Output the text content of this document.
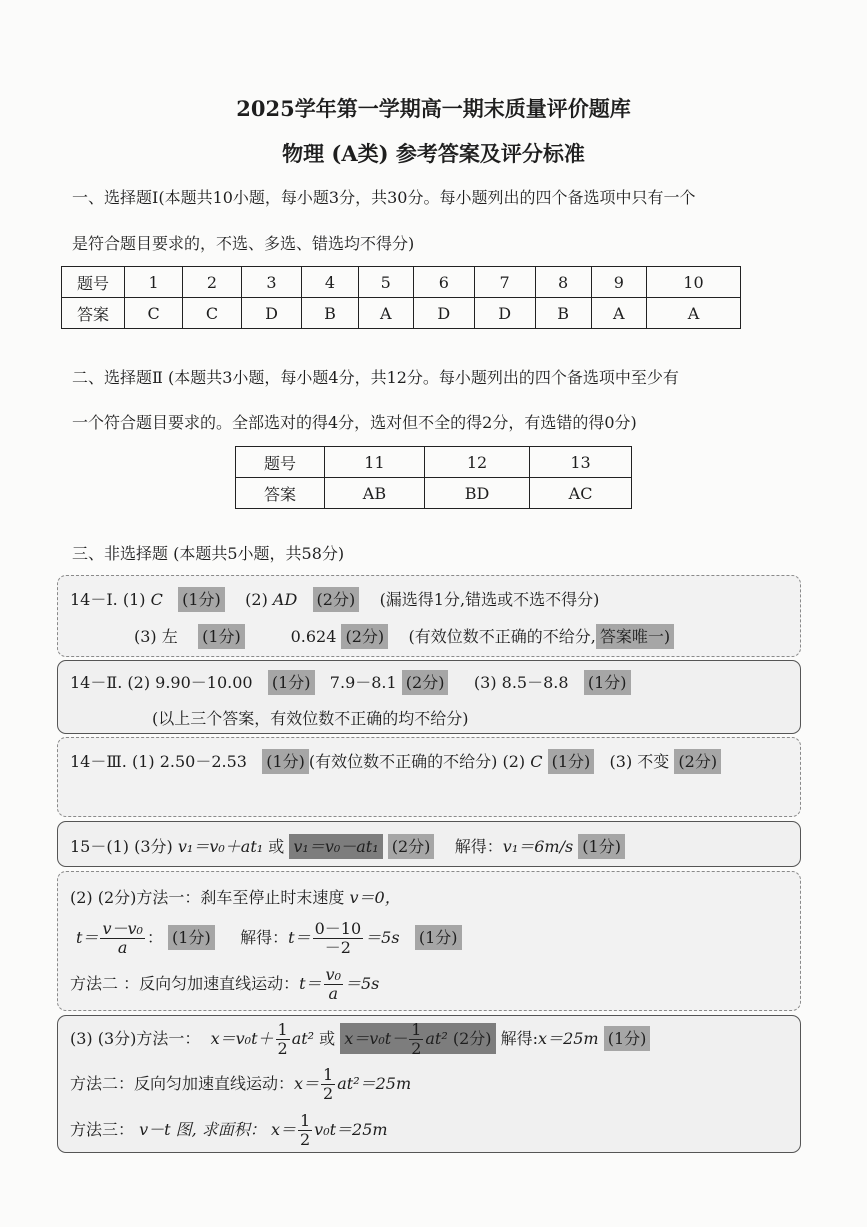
2025学年第一学期高一期末质量评价题库
物理 (A类) 参考答案及评分标准
一、选择题Ⅰ(本题共10小题，每小题3分，共30分。每小题列出的四个备选项中只有一个
是符合题目要求的，不选、多选、错选均不得分)
题号	1	2	3	4	5	6	7	8	9	10
答案	C	C	D	B	A	D	D	B	A	A
二、选择题Ⅱ (本题共3小题，每小题4分，共12分。每小题列出的四个备选项中至少有
一个符合题目要求的。全部选对的得4分，选对但不全的得2分，有选错的得0分)
题号	11	12	13
答案	AB	BD	AC
三、非选择题 (本题共5小题，共58分)
14－Ⅰ. (1) C (1分) (2) AD (2分) (漏选得1分,错选或不选不得分)
(3) 左 (1分)	0.624 (2分) (有效位数不正确的不给分, 答案唯一)
14－Ⅱ. (2) 9.90－10.00 (1分) 7.9－8.1 (2分) (3) 8.5－8.8 (1分)
(以上三个答案，有效位数不正确的均不给分)
14－Ⅲ. (1) 2.50－2.53 (1分) (有效位数不正确的不给分) (2) C (1分) (3) 不变 (2分)
15－(1) (3分) v₁＝v₀＋at₁ 或 v₁＝v₀－at₁ (2分) 解得：v₁＝6m/s (1分)
(2) (2分)方法一：刹车至停止时末速度 v＝0，
$t= \frac{\text{v－v₀}}{a}$ ： (1分) 解得：$t= \frac{0-10}{-2} =5s$ (1分)
方法二 ：反向匀加速直线运动：$t= \frac{\text{v₀}}{a} =5s$
(3) (3分)方法一： $x=v_0t+ \frac{1}{2} at^2$ 或 $x=v_0t- \frac{1}{2} at^2$ (2分) 解得:x＝25m (1分)
方法二：反向匀加速直线运动：$x= \frac{1}{2} at^2=25m$
方法三： v－t 图, 求面积： $x= \frac{1}{2} v_0t=25m$
